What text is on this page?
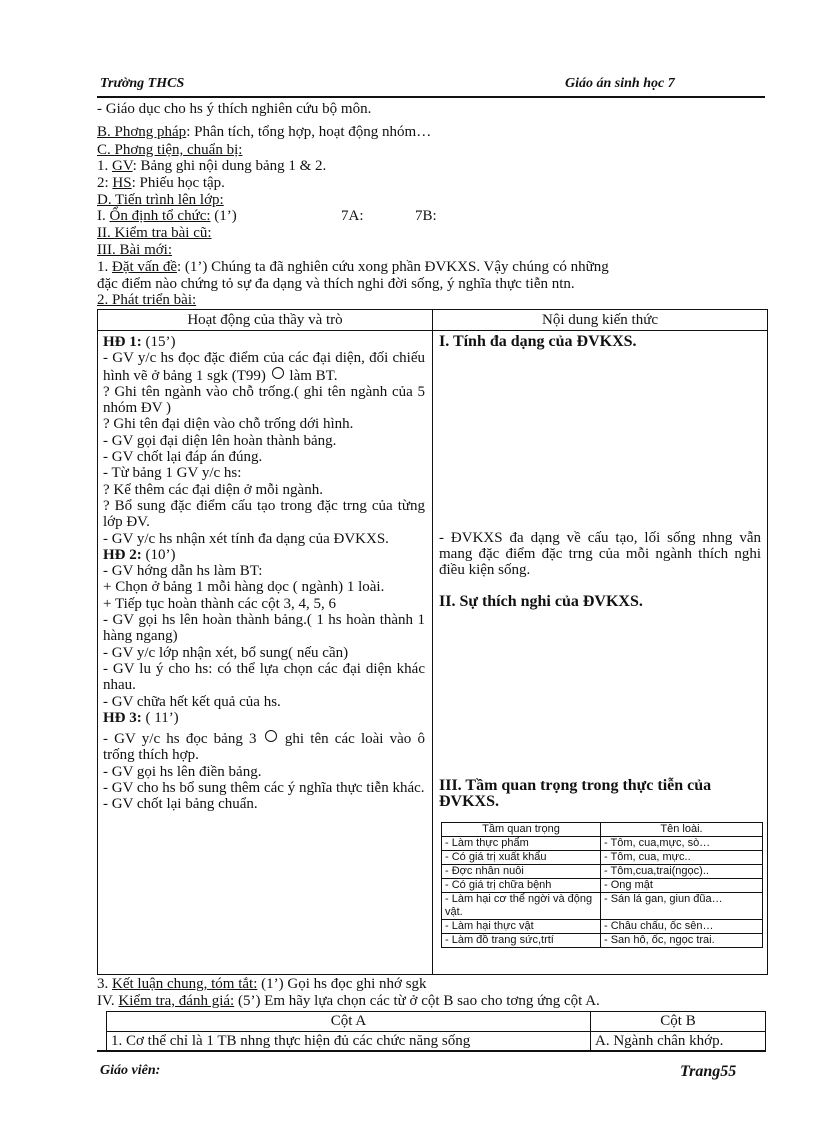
Trường THCS	Giáo án sinh học 7
- Giáo dục cho hs ý thích nghiên cứu bộ môn.
B. Phơng pháp: Phân tích, tổng hợp, hoạt động nhóm…
C. Phơng tiện, chuẩn bị:
1. GV: Bảng ghi nội dung bảng 1 & 2.
2: HS: Phiếu học tập.
D. Tiến trình lên lớp:
I. Ổn định tổ chức: (1’)	7A:	7B:
II. Kiểm tra bài cũ:
III. Bài mới:
1. Đặt vấn đề: (1’) Chúng ta đã nghiên cứu xong phần ĐVKXS. Vậy chúng có những
đặc điểm nào chứng tỏ sự đa dạng và thích nghi đời sống, ý nghĩa thực tiễn ntn.
2. Phát triển bài:
Hoạt động của thầy và trò	Nội dung kiến thức

HĐ 1: (15’)

- GV y/c hs đọc đặc điểm của các đại diện, đối chiếu hình vẽ ở bảng 1 sgk (T99)  làm BT.

? Ghi tên ngành vào chỗ trống.( ghi tên ngành của 5 nhóm ĐV )

? Ghi tên đại diện vào chỗ trống dới hình.

- GV gọi đại diện lên hoàn thành bảng.

- GV chốt lại đáp án đúng.

- Từ bảng 1 GV y/c hs:

? Kể thêm các đại diện ở mỗi ngành.

? Bổ sung đặc điểm cấu tạo trong đặc trng của từng lớp ĐV.

- GV y/c hs nhận xét tính đa dạng của ĐVKXS.

HĐ 2: (10’)

- GV hớng dẫn hs làm BT:

+ Chọn ở bảng 1 mỗi hàng dọc ( ngành) 1 loài.

+ Tiếp tục hoàn thành các cột 3, 4, 5, 6

- GV gọi hs lên hoàn thành bảng.( 1 hs hoàn thành 1 hàng ngang)

- GV y/c lớp nhận xét, bổ sung( nếu cần)

- GV lu ý cho hs: có thể lựa chọn các đại diện khác nhau.

- GV chữa hết kết quả của hs.

HĐ 3: ( 11’)

- GV y/c hs đọc bảng 3  ghi tên các loài vào ô trống thích hợp.

- GV gọi hs lên điền bảng.

- GV cho hs bổ sung thêm các ý nghĩa thực tiễn khác.

- GV chốt lại bảng chuẩn.

I. Tính đa dạng của ĐVKXS.
- ĐVKXS đa dạng về cấu tạo, lối sống nhng vẫn mang đặc điểm đặc trng của mỗi ngành thích nghi điều kiện sống.
II. Sự thích nghi của ĐVKXS.
III. Tầm quan trọng trong thực tiễn của ĐVKXS.
Tầm quan trọng	Tên loài.
- Làm thực phẩm	- Tôm, cua,mực, sò…
- Có giá trị xuất khẩu	- Tôm, cua, mực..
- Đợc nhân nuôi	- Tôm,cua,trai(ngọc)..
- Có giá trị chữa bệnh	- Ong mật
- Làm hại cơ thể ngời và động vật.	- Sán lá gan, giun đũa…
- Làm hại thực vật	- Châu chấu, ốc sên…
- Làm đồ trang sức,trtí	- San hô, ốc, ngọc trai.
3. Kết luận chung, tóm tắt: (1’) Gọi hs đọc ghi nhớ sgk
IV. Kiểm tra, đánh giá: (5’) Em hãy lựa chọn các từ ở cột B sao cho tơng ứng cột A.
Cột A	Cột B
1. Cơ thể chỉ là 1 TB nhng thực hiện đủ các chức năng sống	A. Ngành chân khớp.
Giáo viên:	Trang55
